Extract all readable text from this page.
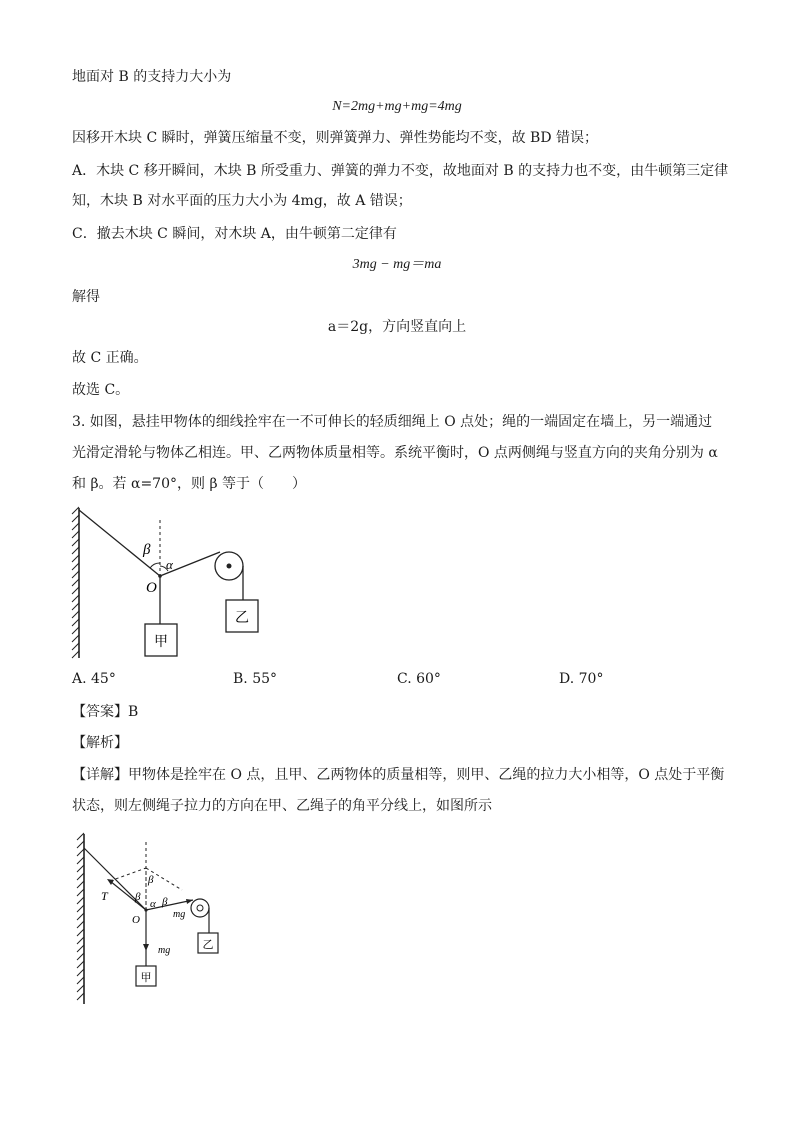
地面对 B 的支持力大小为
N=2mg+mg+mg=4mg
因移开木块 C 瞬时，弹簧压缩量不变，则弹簧弹力、弹性势能均不变，故 BD 错误；
A．木块 C 移开瞬间，木块 B 所受重力、弹簧的弹力不变，故地面对 B 的支持力也不变，由牛顿第三定律
知，木块 B 对水平面的压力大小为 4mg，故 A 错误；
C．撤去木块 C 瞬间，对木块 A，由牛顿第二定律有
3mg − mg＝ma
解得
a＝2g，方向竖直向上
故 C 正确。
故选 C。
3. 如图，悬挂甲物体的细线拴牢在一不可伸长的轻质细绳上 O 点处；绳的一端固定在墙上，另一端通过
光滑定滑轮与物体乙相连。甲、乙两物体质量相等。系统平衡时，O 点两侧绳与竖直方向的夹角分别为 α
和 β。若 α=70°，则 β 等于（　　）
β
α
O
甲
乙
A. 45°	B. 55°	C. 60°	D. 70°
【答案】B
【解析】
【详解】甲物体是拴牢在 O 点，且甲、乙两物体的质量相等，则甲、乙绳的拉力大小相等，O 点处于平衡
状态，则左侧绳子拉力的方向在甲、乙绳子的角平分线上，如图所示
T
O
β
β β
α
mg
mg
甲
乙
